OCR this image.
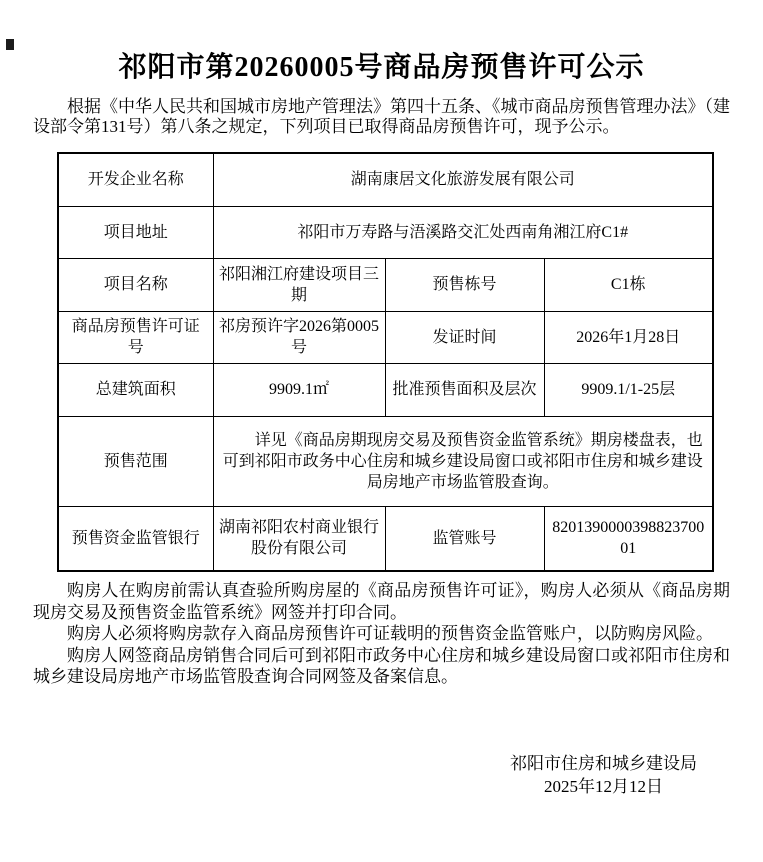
祁阳市第20260005号商品房预售许可公示

根据《中华人民共和国城市房地产管理法》第四十五条、《城市商品房预售管理办法》（建设部令第131号）第八条之规定，下列项目已取得商品房预售许可，现予公示。

开发企业名称	湖南康居文化旅游发展有限公司		
项目地址	祁阳市万寿路与浯溪路交汇处西南角湘江府C1#		
项目名称	祁阳湘江府建设项目三期	预售栋号	C1栋
商品房预售许可证号	祁房预许字2026第0005号	发证时间	2026年1月28日
总建筑面积	9909.1㎡	批准预售面积及层次	9909.1/1-25层
预售范围	详见《商品房期现房交易及预售资金监管系统》期房楼盘表，也可到祁阳市政务中心住房和城乡建设局窗口或祁阳市住房和城乡建设局房地产市场监管股查询。		
预售资金监管银行	湖南祁阳农村商业银行股份有限公司	监管账号	820139000039882370001

购房人在购房前需认真查验所购房屋的《商品房预售许可证》，购房人必须从《商品房期现房交易及预售资金监管系统》网签并打印合同。

购房人必须将购房款存入商品房预售许可证载明的预售资金监管账户，以防购房风险。

购房人网签商品房销售合同后可到祁阳市政务中心住房和城乡建设局窗口或祁阳市住房和城乡建设局房地产市场监管股查询合同网签及备案信息。

祁阳市住房和城乡建设局
2025年12月12日
